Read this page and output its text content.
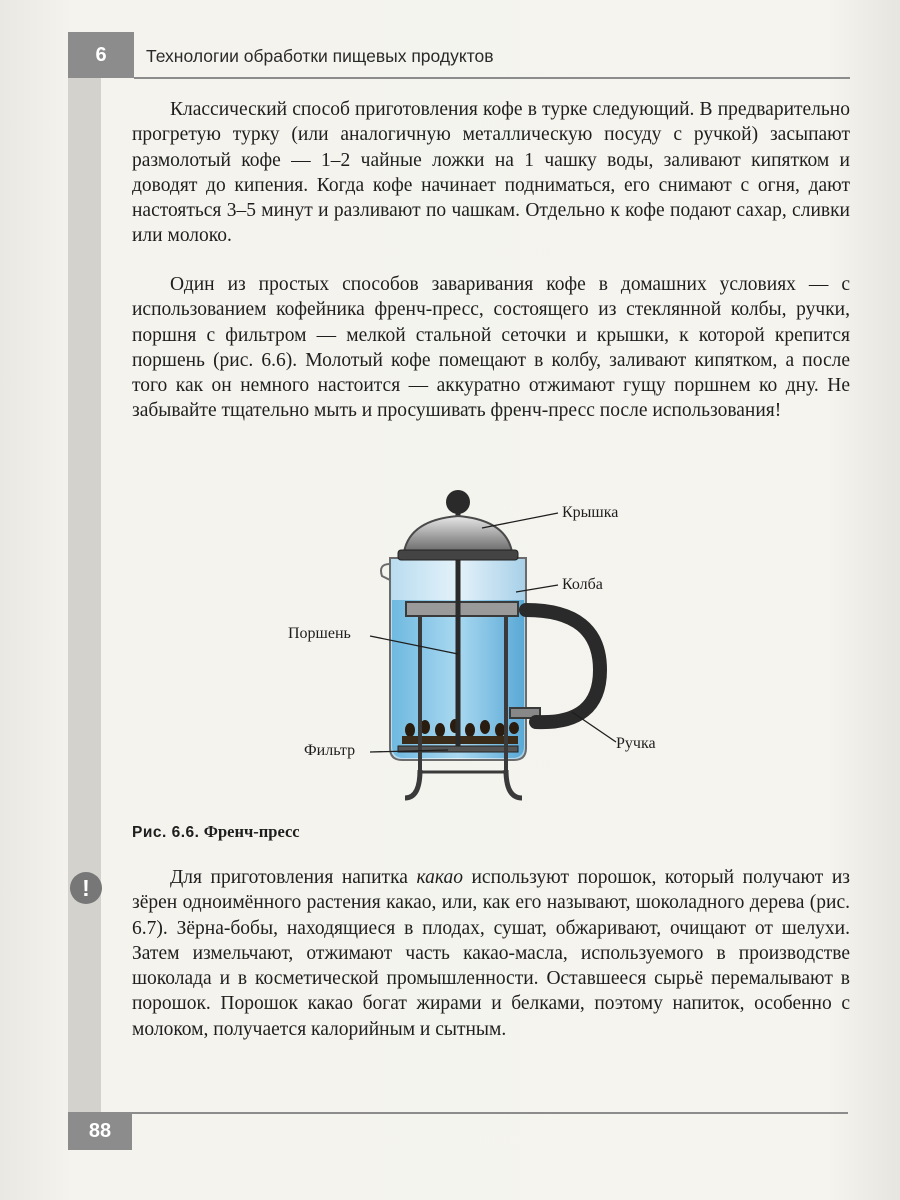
6 Технологии обработки пищевых продуктов

Классический способ приготовления кофе в турке следующий. В предварительно прогретую турку (или аналогичную металлическую посуду с ручкой) засыпают размолотый кофе — 1–2 чайные ложки на 1 чашку воды, заливают кипятком и доводят до кипения. Когда кофе начинает подниматься, его снимают с огня, дают настояться 3–5 минут и разливают по чашкам. Отдельно к кофе подают сахар, сливки или молоко.

Один из простых способов заваривания кофе в домашних условиях — с использованием кофейника френч-пресс, состоящего из стеклянной колбы, ручки, поршня с фильтром — мелкой стальной сеточки и крышки, к которой крепится поршень (рис. 6.6). Молотый кофе помещают в колбу, заливают кипятком, а после того как он немного настоится — аккуратно отжимают гущу поршнем ко дну. Не забывайте тщательно мыть и просушивать френч-пресс после использования!

Крышка
Колба
Поршень
Ручка
Фильтр
Рис. 6.6. Френч-пресс
!	Для приготовления напитка какао используют порошок, который получают из зёрен одноимённого растения какао, или, как его называют, шоколадного дерева (рис. 6.7). Зёрна-бобы, находящиеся в плодах, сушат, обжаривают, очищают от шелухи. Затем измельчают, отжимают часть какао-масла, используемого в производстве шоколада и в косметической промышленности. Оставшееся сырьё перемалывают в порошок. Порошок какао богат жирами и белками, поэтому напиток, особенно с молоком, получается калорийным и сытным.

88
